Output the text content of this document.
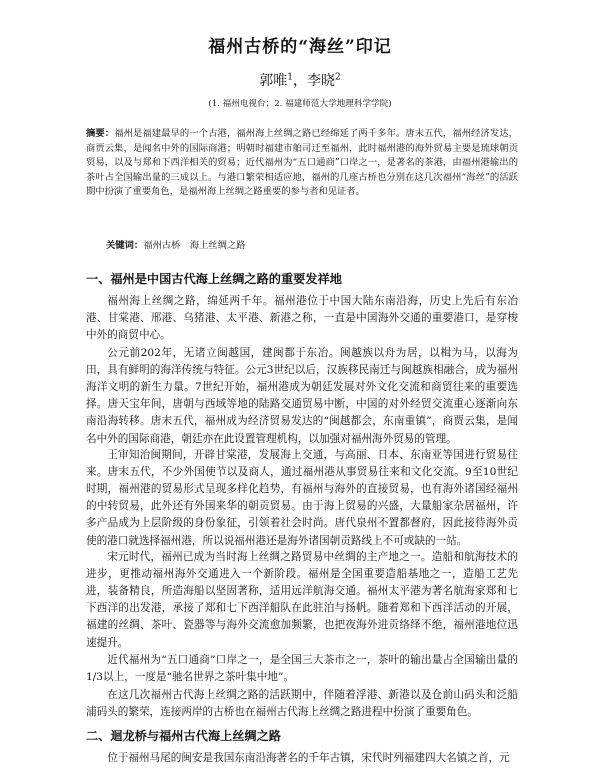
福州古桥的“海丝”印记
郭唯$^1$，李晓$^2$
(1. 福州电视台；2. 福建师范大学地理科学学院)
摘要：福州是福建最早的一个古港，福州海上丝绸之路已经绵延了两千多年。唐末五代，福州经济发达，商贾云集，是闻名中外的国际商港；明朝时福建市舶司迁至福州，此时福州港的海外贸易主要是琉球朝贡贸易，以及与郑和下西洋相关的贸易；近代福州为“五口通商”口岸之一，是著名的茶港，由福州港输出的茶叶占全国输出量的三成以上。与港口繁荣相适应地，福州的几座古桥也分别在这几次福州“海丝”的活跃期中扮演了重要角色，是福州海上丝绸之路重要的参与者和见证者。
关键词：福州古桥　海上丝绸之路
一、福州是中国古代海上丝绸之路的重要发祥地

福州海上丝绸之路，绵延两千年。福州港位于中国大陆东南沿海，历史上先后有东冶港、甘棠港、邢港、乌猪港、太平港、新港之称，一直是中国海外交通的重要港口，是穿梭中外的商贸中心。

公元前202年，无诸立闽越国，建闽都于东冶。闽越族以舟为居，以楫为马，以海为田，具有鲜明的海洋传统与特征。公元3世纪以后，汉族移民南迁与闽越族相融合，成为福州海洋文明的新生力量。7世纪开始，福州港成为朝廷发展对外文化交流和商贸往来的重要选择。唐天宝年间，唐朝与西域等地的陆路交通贸易中断，中国的对外经贸交流重心逐渐向东南沿海转移。唐末五代，福州成为经济贸易发达的“闽越都会，东南重镇”，商贾云集，是闻名中外的国际商港，朝廷亦在此设置管理机构，以加强对福州海外贸易的管理。

王审知治闽期间，开辟甘棠港，发展海上交通，与高丽、日本、东南亚等国进行贸易往来。唐末五代，不少外国使节以及商人，通过福州港从事贸易往来和文化交流。9至10世纪时期，福州港的贸易形式呈现多样化趋势，有福州与海外的直接贸易，也有海外诸国经福州的中转贸易，此外还有外国来华的朝贡贸易。由于海上贸易的兴盛，大量船家杂居福州，许多产品成为上层阶级的身份象征，引领着社会时尚。唐代泉州不置都督府，因此接待海外贡使的港口就选择福州港，所以说福州港还是海外诸国朝贡路线上不可或缺的一站。

宋元时代，福州已成为当时海上丝绸之路贸易中丝绸的主产地之一。造船和航海技术的进步，更推动福州海外交通进入一个新阶段。福州是全国重要造船基地之一，造船工艺先进，装备精良，所造海船以坚固著称，适用远洋航海交通。福州太平港为著名航海家郑和七下西洋的出发港，承接了郑和七下西洋船队在此驻泊与扬帆。随着郑和下西洋活动的开展，福建的丝绸、茶叶、瓷器等与海外交流愈加频繁，也把夜海外进贡络绎不绝，福州港地位迅速提升。

近代福州为“五口通商”口岸之一，是全国三大茶市之一，茶叶的输出量占全国输出量的1/3以上，一度是“驰名世界之茶叶集中地”。

在这几次福州古代海上丝绸之路的活跃期中，伴随着浮港、新港以及仓前山码头和泛船浦码头的繁荣，连接两岸的古桥也在福州古代海上丝绸之路进程中扮演了重要角色。

二、迴龙桥与福州古代海上丝绸之路

位于福州马尾的闽安是我国东南沿海著名的千年古镇，宋代时列福建四大名镇之首，元
